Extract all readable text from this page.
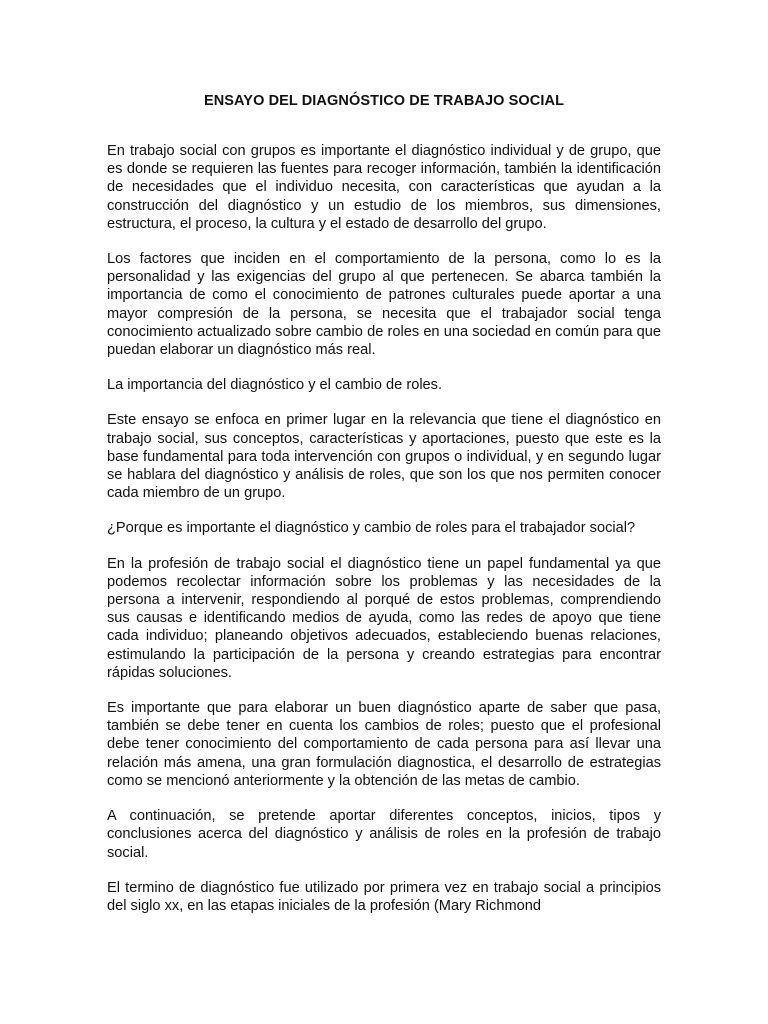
ENSAYO DEL DIAGNÓSTICO DE TRABAJO SOCIAL

En trabajo social con grupos es importante el diagnóstico individual y de grupo, que es donde se requieren las fuentes para recoger información, también la identificación de necesidades que el individuo necesita, con características que ayudan a la construcción del diagnóstico y un estudio de los miembros, sus dimensiones, estructura, el proceso, la cultura y el estado de desarrollo del grupo.

Los factores que inciden en el comportamiento de la persona, como lo es la personalidad y las exigencias del grupo al que pertenecen. Se abarca también la importancia de como el conocimiento de patrones culturales puede aportar a una mayor compresión de la persona, se necesita que el trabajador social tenga conocimiento actualizado sobre cambio de roles en una sociedad en común para que puedan elaborar un diagnóstico más real.

La importancia del diagnóstico y el cambio de roles.

Este ensayo se enfoca en primer lugar en la relevancia que tiene el diagnóstico en trabajo social, sus conceptos, características y aportaciones, puesto que este es la base fundamental para toda intervención con grupos o individual, y en segundo lugar se hablara del diagnóstico y análisis de roles, que son los que nos permiten conocer cada miembro de un grupo.

¿Porque es importante el diagnóstico y cambio de roles para el trabajador social?

En la profesión de trabajo social el diagnóstico tiene un papel fundamental ya que podemos recolectar información sobre los problemas y las necesidades de la persona a intervenir, respondiendo al porqué de estos problemas, comprendiendo sus causas e identificando medios de ayuda, como las redes de apoyo que tiene cada individuo; planeando objetivos adecuados, estableciendo buenas relaciones, estimulando la participación de la persona y creando estrategias para encontrar rápidas soluciones.

Es importante que para elaborar un buen diagnóstico aparte de saber que pasa, también se debe tener en cuenta los cambios de roles; puesto que el profesional debe tener conocimiento del comportamiento de cada persona para así llevar una relación más amena, una gran formulación diagnostica, el desarrollo de estrategias como se mencionó anteriormente y la obtención de las metas de cambio.

A continuación, se pretende aportar diferentes conceptos, inicios, tipos y conclusiones acerca del diagnóstico y análisis de roles en la profesión de trabajo social.

El termino de diagnóstico fue utilizado por primera vez en trabajo social a principios del siglo xx, en las etapas iniciales de la profesión (Mary Richmond
